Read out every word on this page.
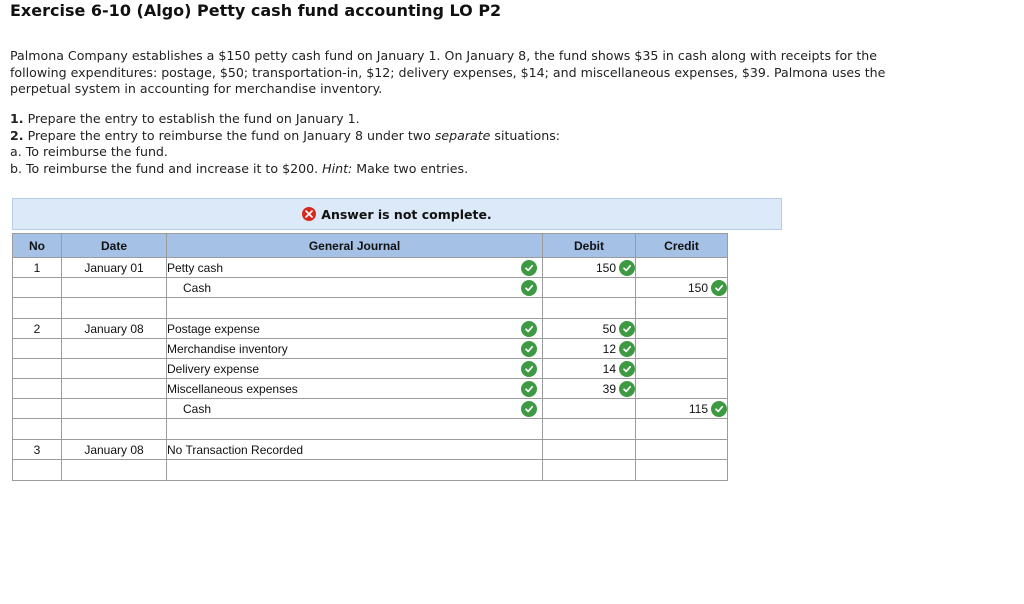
Exercise 6-10 (Algo) Petty cash fund accounting LO P2
Palmona Company establishes a $150 petty cash fund on January 1. On January 8, the fund shows $35 in cash along with receipts for the following expenditures: postage, $50; transportation-in, $12; delivery expenses, $14; and miscellaneous expenses, $39. Palmona uses the perpetual system in accounting for merchandise inventory.
1. Prepare the entry to establish the fund on January 1.
2. Prepare the entry to reimburse the fund on January 8 under two separate situations:
a. To reimburse the fund.
b. To reimburse the fund and increase it to $200. Hint: Make two entries.
Answer is not complete.
No	Date	General Journal	Debit	Credit
1	January 01	Petty cash	150	

		Cash		150

2	January 08	Postage expense	50	

		Merchandise inventory	12	

		Delivery expense	14	

		Miscellaneous expenses	39	

		Cash		115

3	January 08	No Transaction Recorded	
